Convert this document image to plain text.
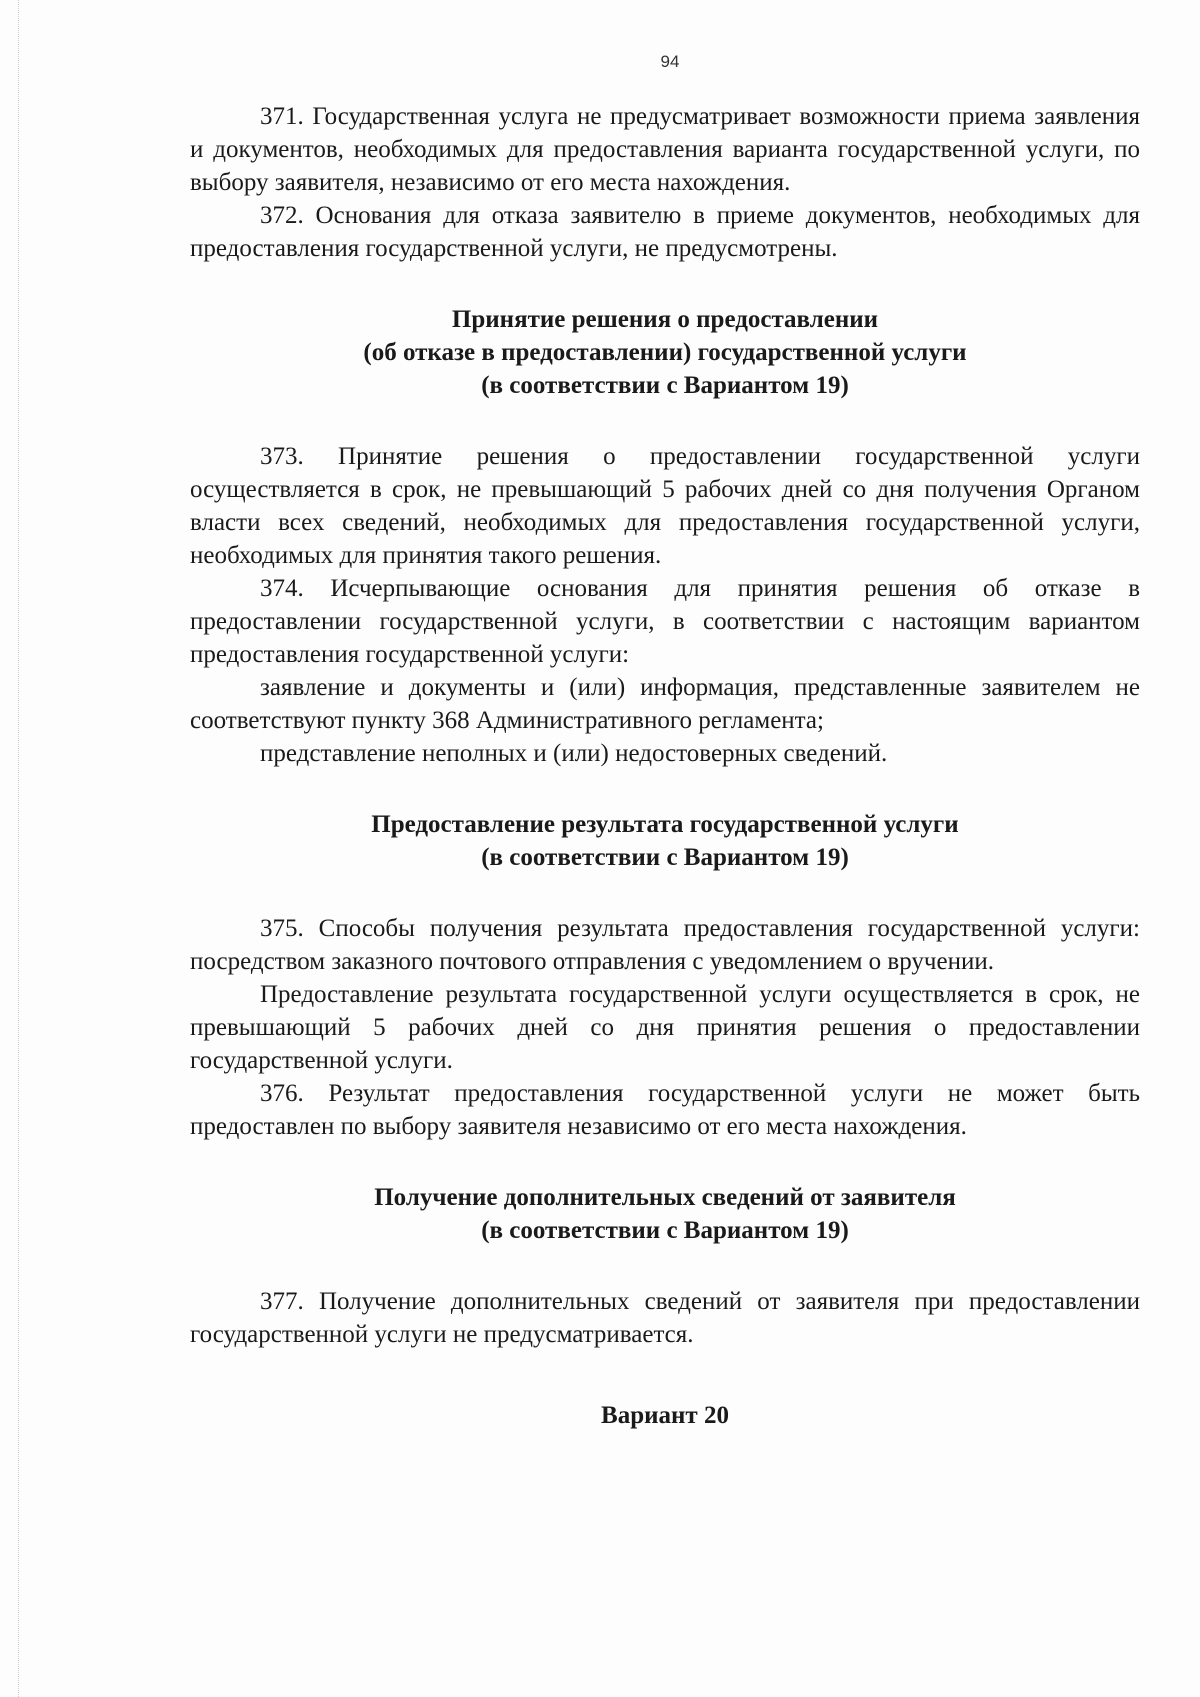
94

371. Государственная услуга не предусматривает возможности приема заявления и документов, необходимых для предоставления варианта государственной услуги, по выбору заявителя, независимо от его места нахождения.

372. Основания для отказа заявителю в приеме документов, необходимых для предоставления государственной услуги, не предусмотрены.

Принятие решения о предоставлении
(об отказе в предоставлении) государственной услуги
(в соответствии с Вариантом 19)

373. Принятие решения о предоставлении государственной услуги осуществляется в срок, не превышающий 5 рабочих дней со дня получения Органом власти всех сведений, необходимых для предоставления государственной услуги, необходимых для принятия такого решения.

374. Исчерпывающие основания для принятия решения об отказе в предоставлении государственной услуги, в соответствии с настоящим вариантом предоставления государственной услуги:

заявление и документы и (или) информация, представленные заявителем не соответствуют пункту 368 Административного регламента;

представление неполных и (или) недостоверных сведений.

Предоставление результата государственной услуги
(в соответствии с Вариантом 19)

375. Способы получения результата предоставления государственной услуги: посредством заказного почтового отправления с уведомлением о вручении.

Предоставление результата государственной услуги осуществляется в срок, не превышающий 5 рабочих дней со дня принятия решения о предоставлении государственной услуги.

376. Результат предоставления государственной услуги не может быть предоставлен по выбору заявителя независимо от его места нахождения.

Получение дополнительных сведений от заявителя
(в соответствии с Вариантом 19)

377. Получение дополнительных сведений от заявителя при предоставлении государственной услуги не предусматривается.

Вариант 20
